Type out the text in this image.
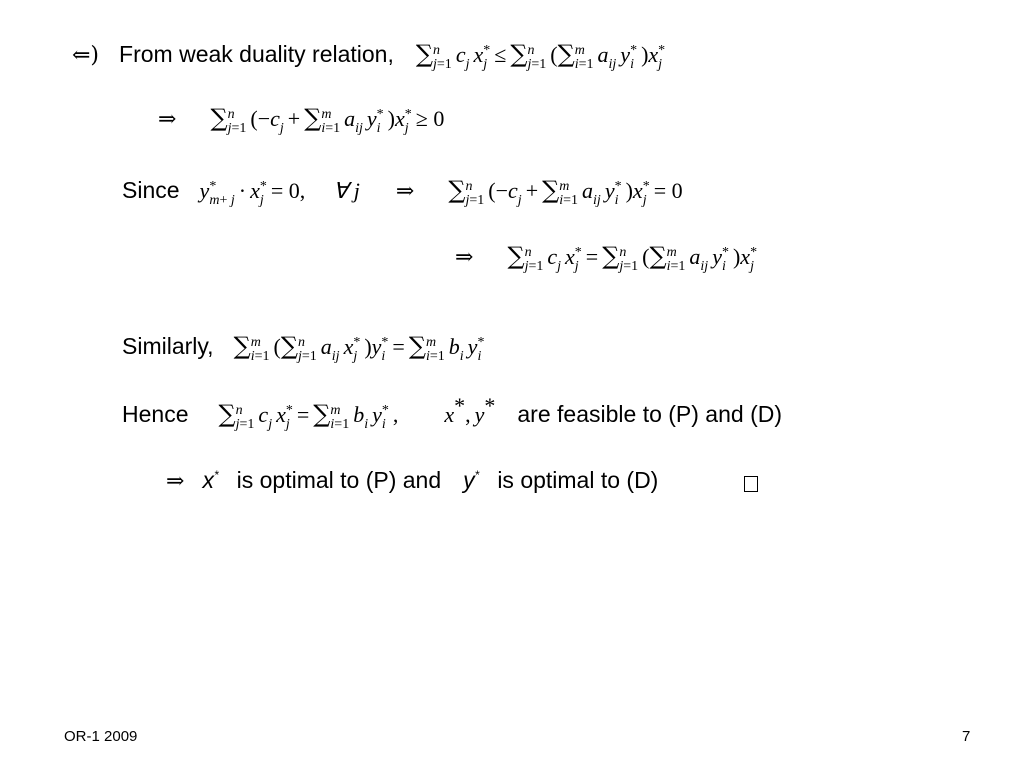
⇐) From weak duality relation, ∑ n
j=1 $c_j$ x *
j ≤ ∑ n
j=1 (∑ m
i=1 $a_{ij}$ y *
i )x *
j
⇒ ∑ n
j=1 ($-c_j$ + ∑ m
i=1 $a_{ij}$ y *
i )x *
j ≥ 0
Since y *
m+ j · x *
j = 0, ∀ j ⇒ ∑ n
j=1 ($-c_j$ + ∑ m
i=1 $a_{ij}$ y *
i )x *
j = 0
⇒ ∑ n
j=1 $c_j$ x *
j = ∑ n
j=1 (∑ m
i=1 $a_{ij}$ y *
i )x *
j
Similarly, ∑ m
i=1 (∑ n
j=1 $a_{ij}$ x *
j )y *
i = ∑ m
i=1 $b_i$ y *
i
Hence ∑ n
j=1 $c_j$ x *
j = ∑ m
i=1 $b_i$ y *
i , x*, y* are feasible to (P) and (D)
⇒ x* is optimal to (P) and y* is optimal to (D)
OR-1 2009	7
